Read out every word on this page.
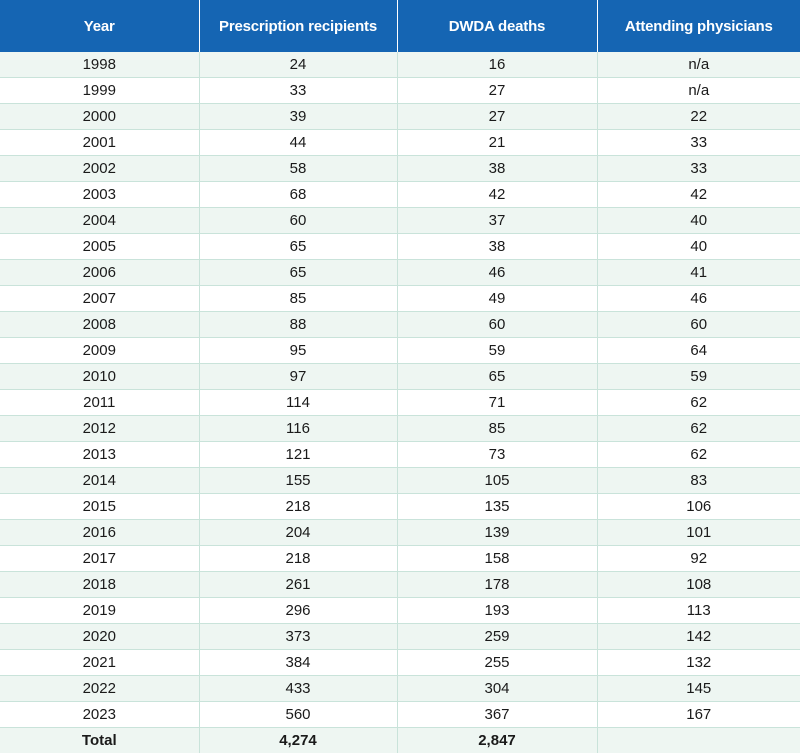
Year	Prescription recipients	DWDA deaths	Attending physicians
1998	24	16	n/a
1999	33	27	n/a
2000	39	27	22
2001	44	21	33
2002	58	38	33
2003	68	42	42
2004	60	37	40
2005	65	38	40
2006	65	46	41
2007	85	49	46
2008	88	60	60
2009	95	59	64
2010	97	65	59
2011	114	71	62
2012	116	85	62
2013	121	73	62
2014	155	105	83
2015	218	135	106
2016	204	139	101
2017	218	158	92
2018	261	178	108
2019	296	193	113
2020	373	259	142
2021	384	255	132
2022	433	304	145
2023	560	367	167
Total	4,274	2,847	
